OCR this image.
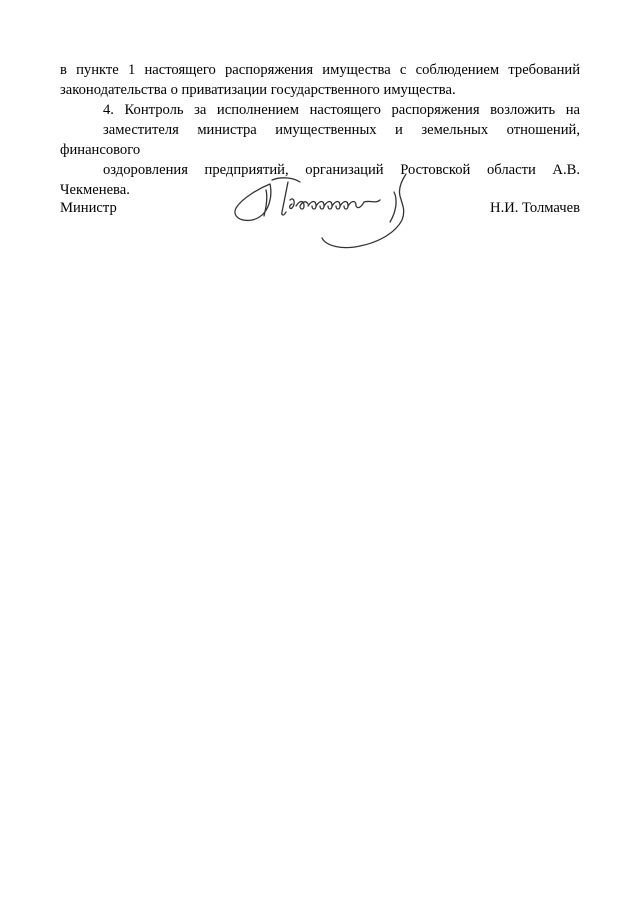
в пункте 1 настоящего распоряжения имущества с соблюдением требований
законодательства о приватизации государственного имущества.

4. Контроль за исполнением настоящего распоряжения возложить на
заместителя министра имущественных и земельных отношений, финансового
оздоровления предприятий, организаций Ростовской области А.В. Чекменева.

Министр	Н.И. Толмачев
